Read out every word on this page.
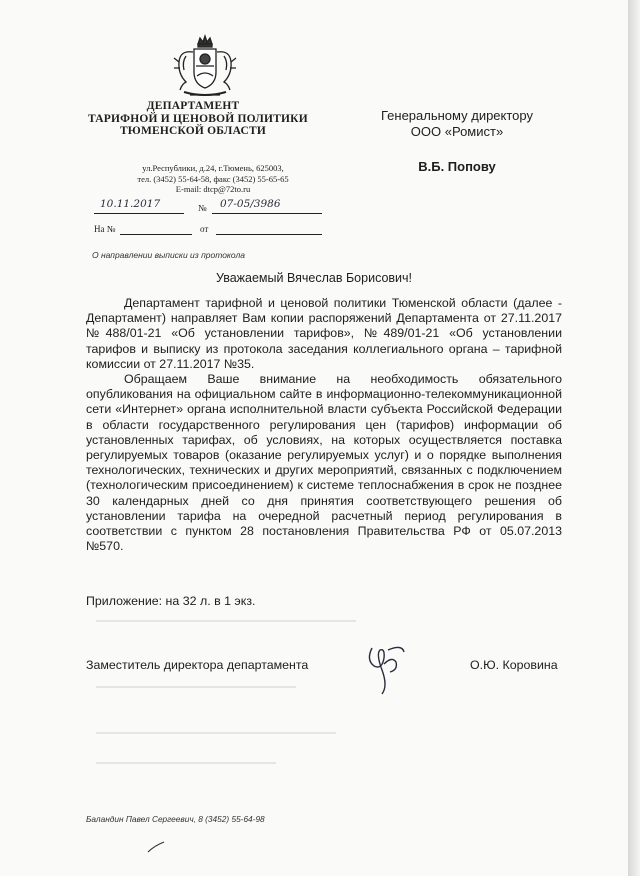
ДЕПАРТАМЕНТ
ТАРИФНОЙ И ЦЕНОВОЙ ПОЛИТИКИ
ТЮМЕНСКОЙ ОБЛАСТИ
ул.Республики, д.24, г.Тюмень, 625003,
тел. (3452) 55-64-58, факс (3452) 55-65-65
E-mail: dtcp@72to.ru
10.11.2017	№ 07-05/3986
На №	от
О направлении выписки из протокола
Генеральному директору
ООО «Ромист»
В.Б. Попову
Уважаемый Вячеслав Борисович!

Департамент тарифной и ценовой политики Тюменской области (далее - Департамент) направляет Вам копии распоряжений Департамента от 27.11.2017 №488/01-21 «Об установлении тарифов», №489/01-21 «Об установлении тарифов и выписку из протокола заседания коллегиального органа – тарифной комиссии от 27.11.2017 №35.

Обращаем Ваше внимание на необходимость обязательного опубликования на официальном сайте в информационно-телекоммуникационной сети «Интернет» органа исполнительной власти субъекта Российской Федерации в области государственного регулирования цен (тарифов) информации об установленных тарифах, об условиях, на которых осуществляется поставка регулируемых товаров (оказание регулируемых услуг) и о порядке выполнения технологических, технических и других мероприятий, связанных с подключением (технологическим присоединением) к системе теплоснабжения в срок не позднее 30 календарных дней со дня принятия соответствующего решения об установлении тарифа на очередной расчетный период регулирования в соответствии с пунктом 28 постановления Правительства РФ от 05.07.2013 №570.

Приложение: на 32 л. в 1 экз.
Заместитель директора департамента	О.Ю. Коровина
Баландин Павел Сергеевич, 8 (3452) 55-64-98
